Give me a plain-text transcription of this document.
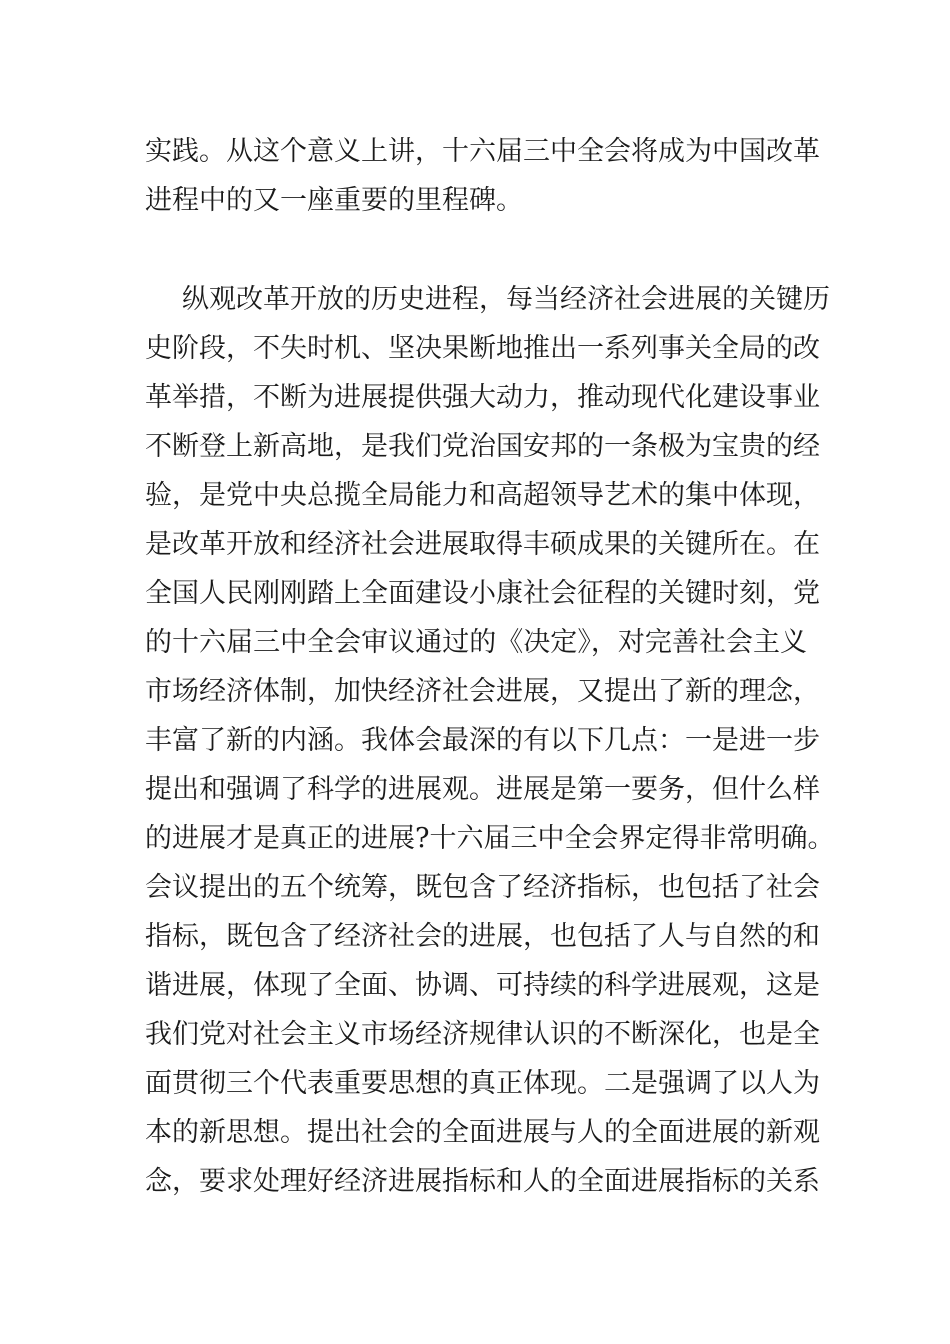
实践。从这个意义上讲，十六届三中全会将成为中国改革
进程中的又一座重要的里程碑。

纵观改革开放的历史进程，每当经济社会进展的关键历
史阶段，不失时机、坚决果断地推出一系列事关全局的改
革举措，不断为进展提供强大动力，推动现代化建设事业
不断登上新高地，是我们党治国安邦的一条极为宝贵的经
验，是党中央总揽全局能力和高超领导艺术的集中体现，
是改革开放和经济社会进展取得丰硕成果的关键所在。在
全国人民刚刚踏上全面建设小康社会征程的关键时刻，党
的十六届三中全会审议通过的《决定》，对完善社会主义
市场经济体制，加快经济社会进展，又提出了新的理念，
丰富了新的内涵。我体会最深的有以下几点：一是进一步
提出和强调了科学的进展观。进展是第一要务，但什么样
的进展才是真正的进展?十六届三中全会界定得非常明确。
会议提出的五个统筹，既包含了经济指标，也包括了社会
指标，既包含了经济社会的进展，也包括了人与自然的和
谐进展，体现了全面、协调、可持续的科学进展观，这是
我们党对社会主义市场经济规律认识的不断深化，也是全
面贯彻三个代表重要思想的真正体现。二是强调了以人为
本的新思想。提出社会的全面进展与人的全面进展的新观
念，要求处理好经济进展指标和人的全面进展指标的关系
